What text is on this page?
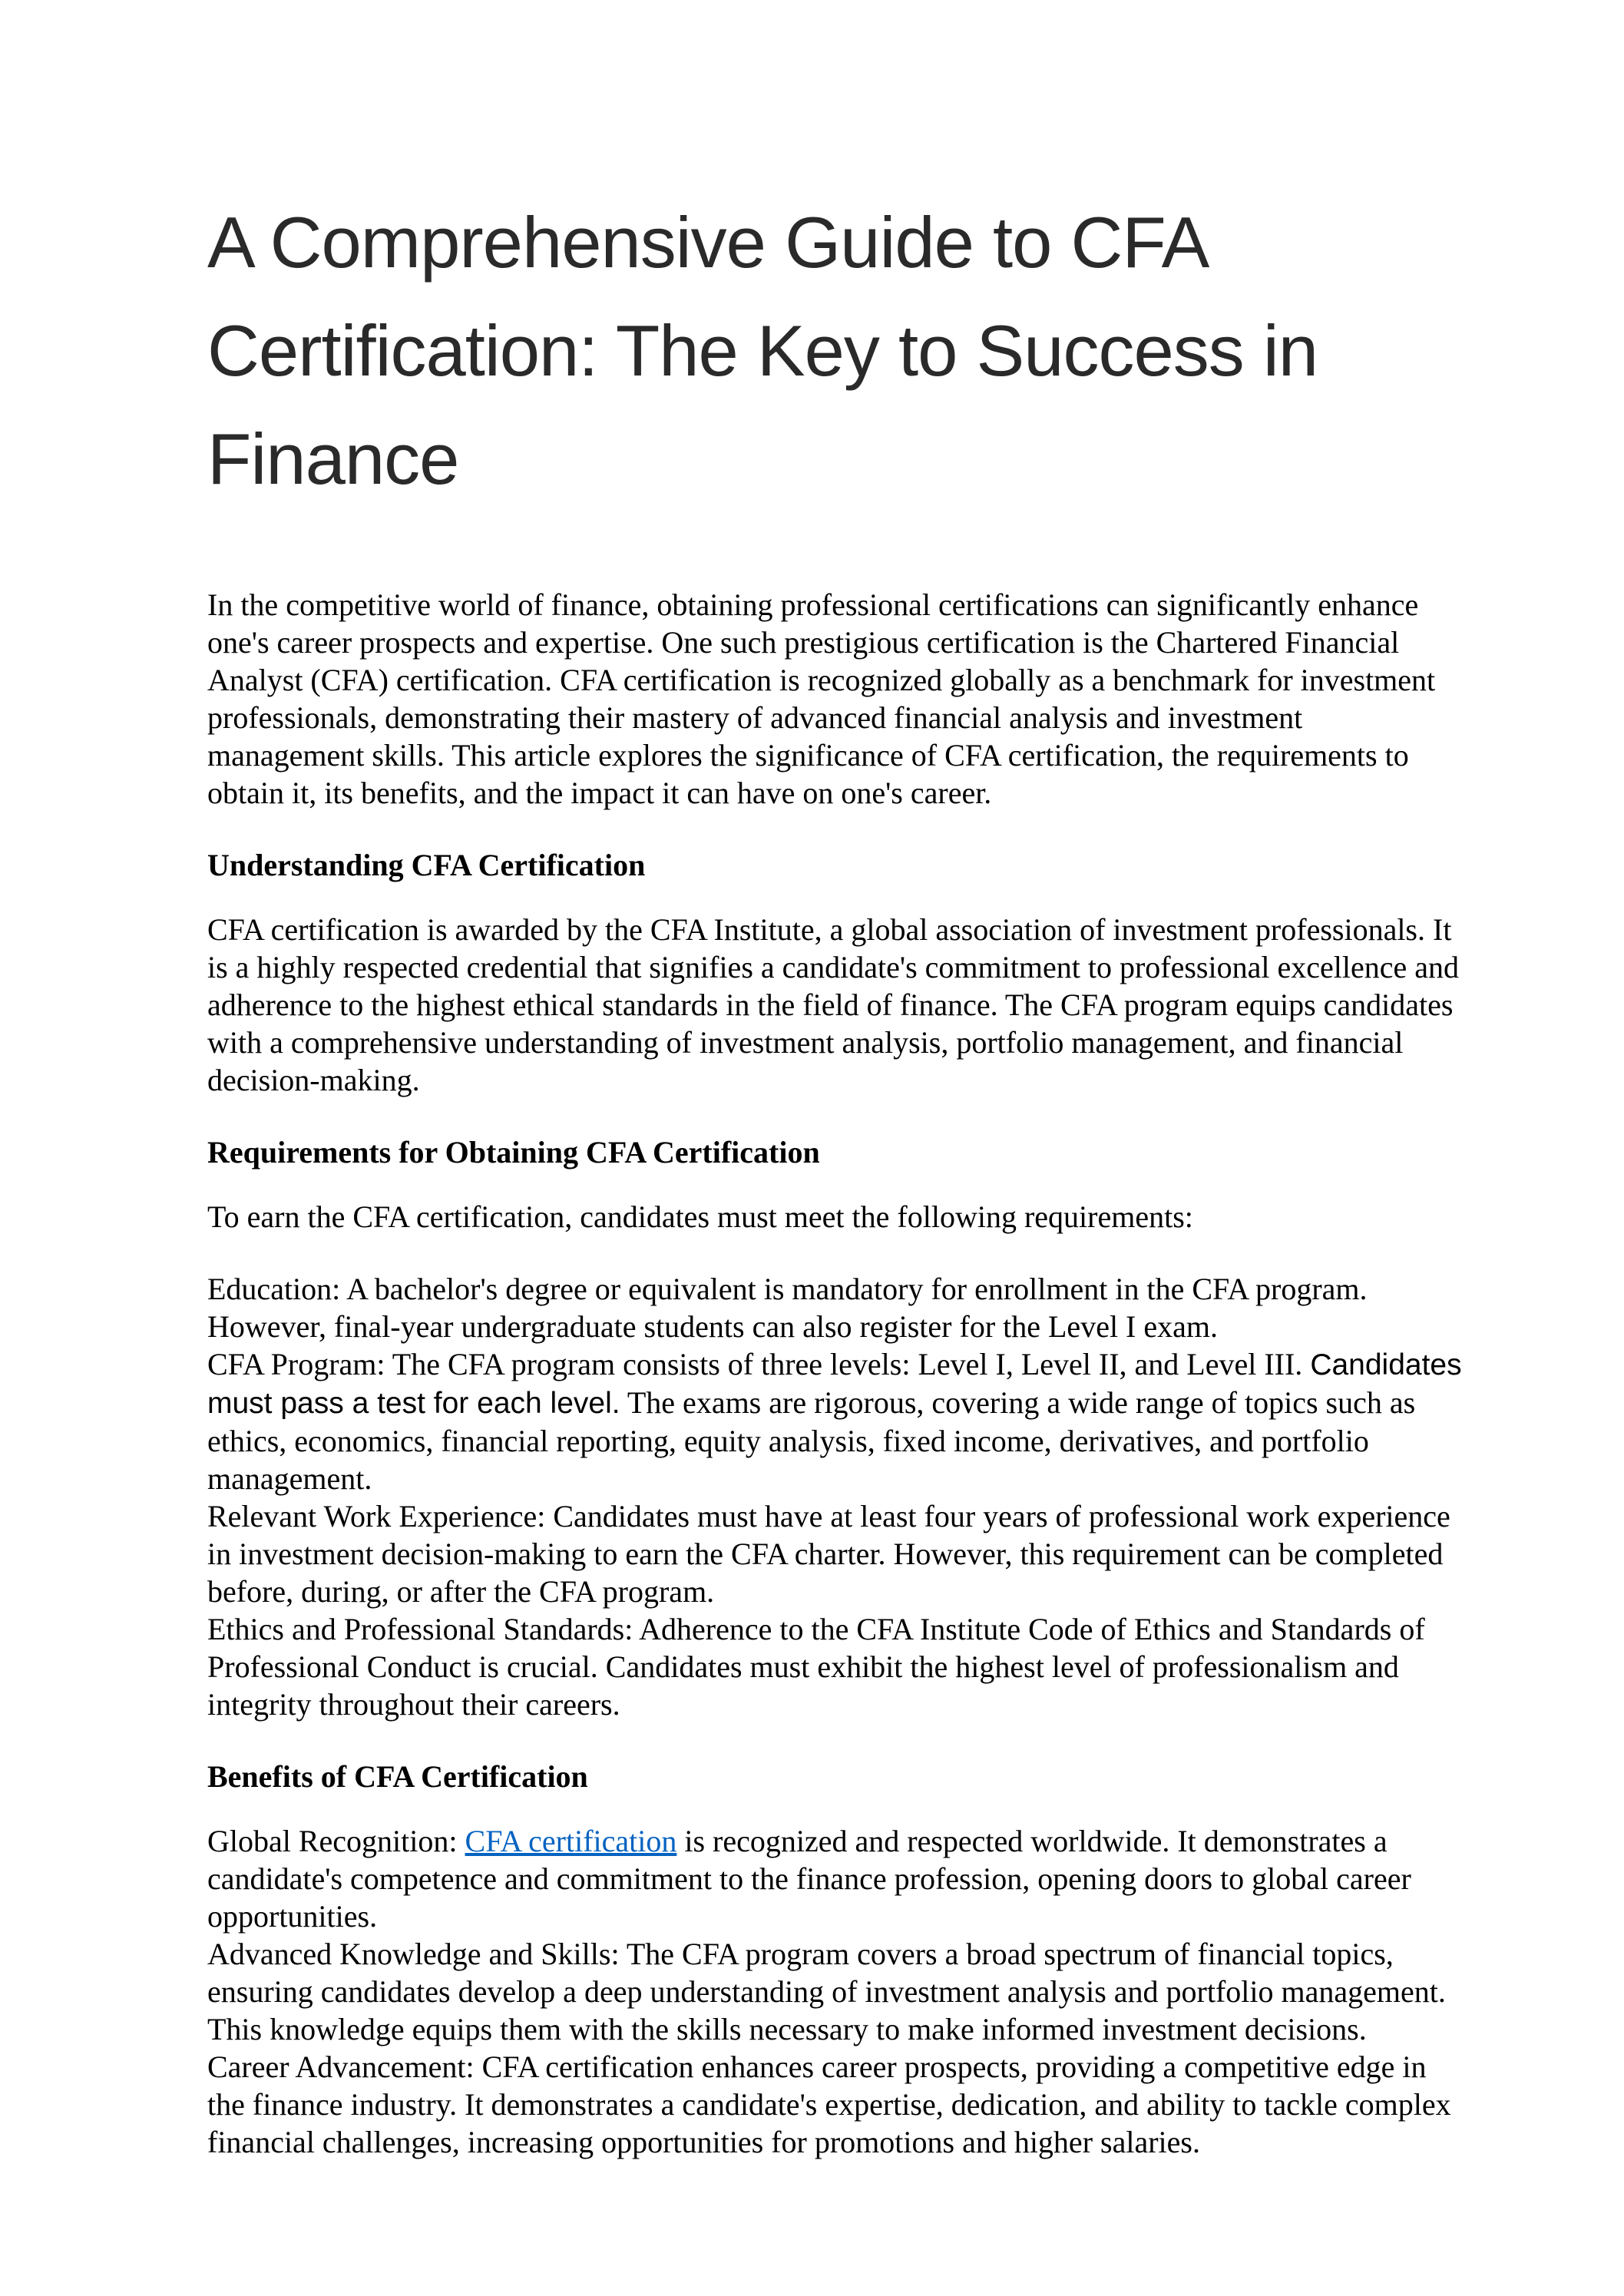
A Comprehensive Guide to CFA
Certification: The Key to Success in
Finance

In the competitive world of finance, obtaining professional certifications can significantly enhance one's career prospects and expertise. One such prestigious certification is the Chartered Financial Analyst (CFA) certification. CFA certification is recognized globally as a benchmark for investment professionals, demonstrating their mastery of advanced financial analysis and investment management skills. This article explores the significance of CFA certification, the requirements to obtain it, its benefits, and the impact it can have on one's career.

Understanding CFA Certification

CFA certification is awarded by the CFA Institute, a global association of investment professionals. It is a highly respected credential that signifies a candidate's commitment to professional excellence and adherence to the highest ethical standards in the field of finance. The CFA program equips candidates with a comprehensive understanding of investment analysis, portfolio management, and financial decision-making.

Requirements for Obtaining CFA Certification

To earn the CFA certification, candidates must meet the following requirements:

Education: A bachelor's degree or equivalent is mandatory for enrollment in the CFA program. However, final-year undergraduate students can also register for the Level I exam.
CFA Program: The CFA program consists of three levels: Level I, Level II, and Level III. Candidates must pass a test for each level. The exams are rigorous, covering a wide range of topics such as ethics, economics, financial reporting, equity analysis, fixed income, derivatives, and portfolio management.
Relevant Work Experience: Candidates must have at least four years of professional work experience in investment decision-making to earn the CFA charter. However, this requirement can be completed before, during, or after the CFA program.
Ethics and Professional Standards: Adherence to the CFA Institute Code of Ethics and Standards of Professional Conduct is crucial. Candidates must exhibit the highest level of professionalism and integrity throughout their careers.
Benefits of CFA Certification
Global Recognition: CFA certification is recognized and respected worldwide. It demonstrates a candidate's competence and commitment to the finance profession, opening doors to global career opportunities.
Advanced Knowledge and Skills: The CFA program covers a broad spectrum of financial topics, ensuring candidates develop a deep understanding of investment analysis and portfolio management. This knowledge equips them with the skills necessary to make informed investment decisions.
Career Advancement: CFA certification enhances career prospects, providing a competitive edge in the finance industry. It demonstrates a candidate's expertise, dedication, and ability to tackle complex financial challenges, increasing opportunities for promotions and higher salaries.
